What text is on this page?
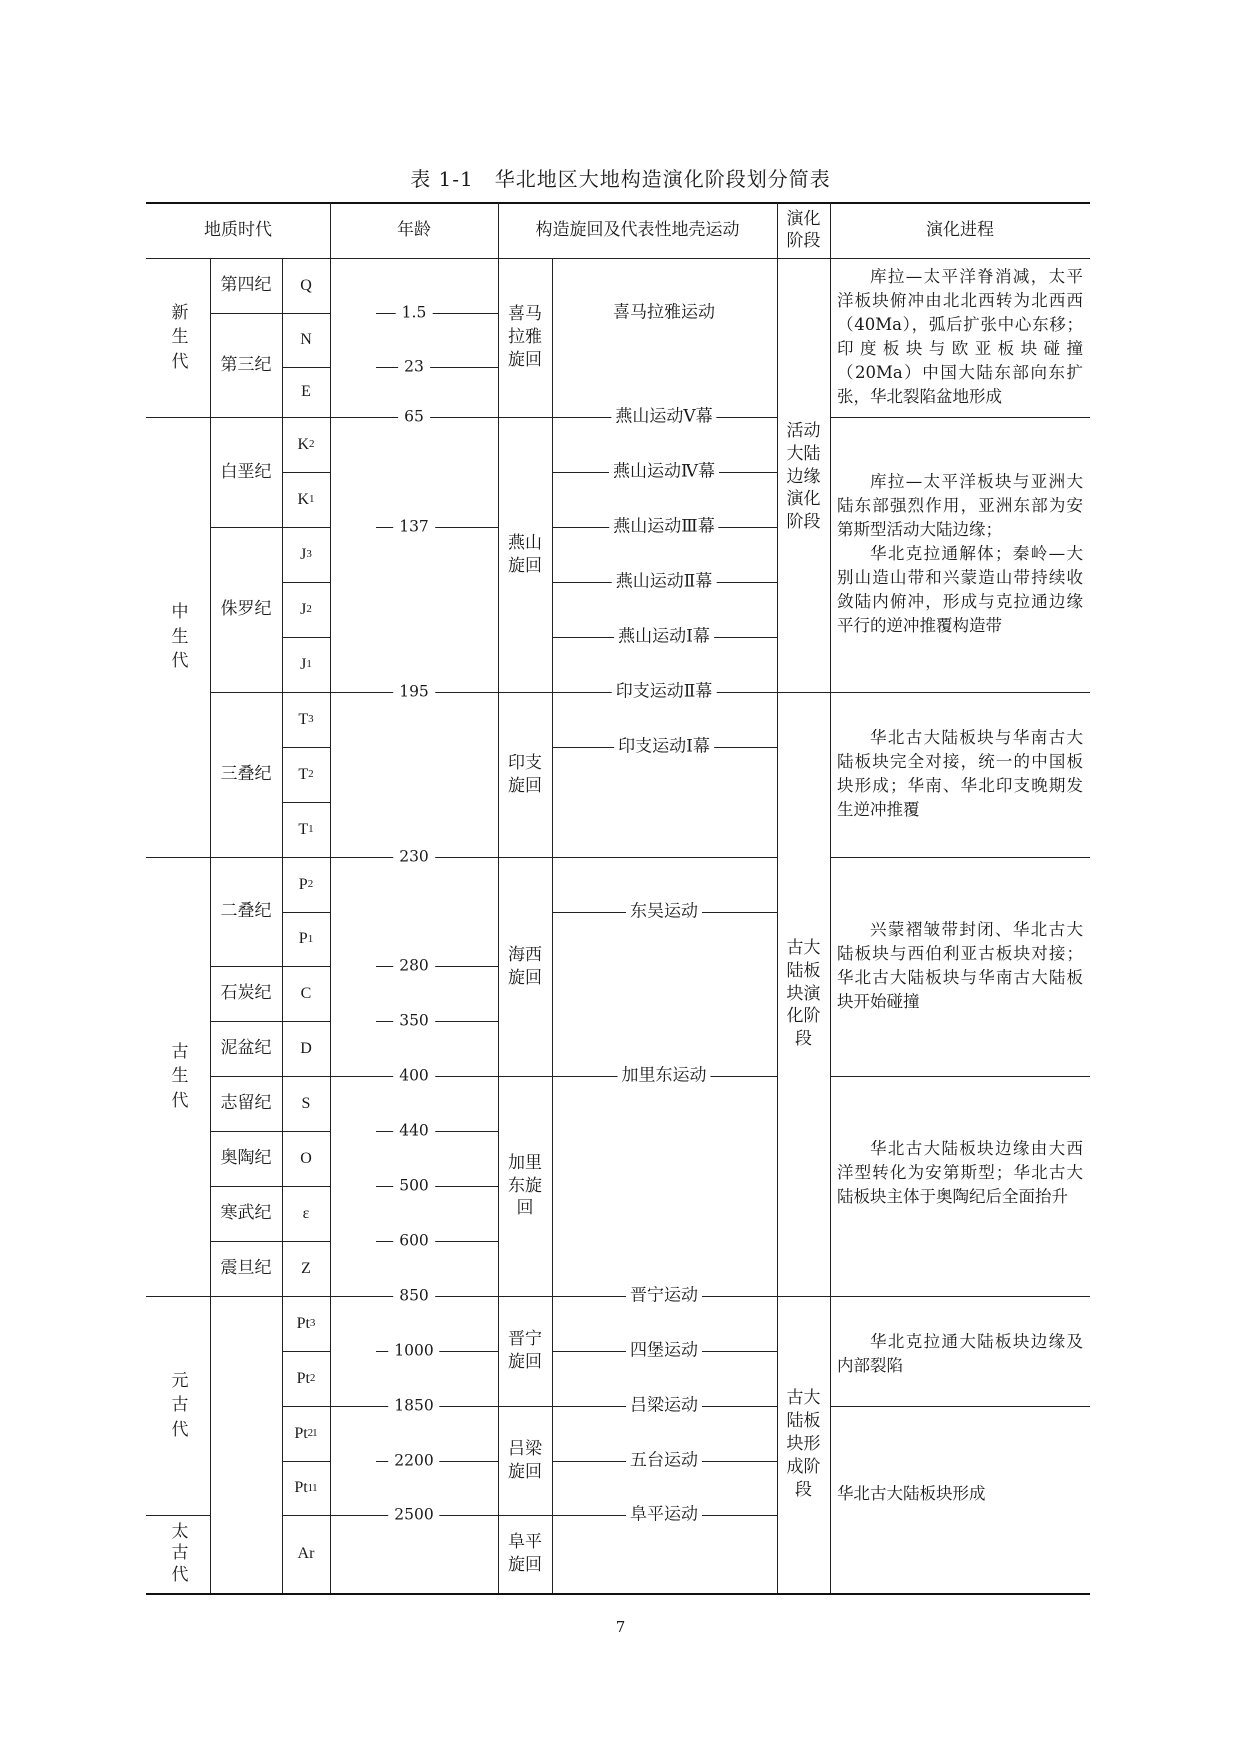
表 1-1　华北地区大地构造演化阶段划分简表
地质时代	年龄	构造旋回及代表性地壳运动
演化阶段
演化进程
新生代
中生代
古生代
元古代
太古代
第四纪
第三纪
白垩纪
侏罗纪
三叠纪
二叠纪
石炭纪
泥盆纪
志留纪
奥陶纪
寒武纪
震旦纪
Q
N
E
K 2
K 1
J 3
J 2
J 1
T 3
T 2
T 1
P 2
P 1
C
D
S
O
ε
Z
Pt 3
Pt 2
Pt 2 1
Pt 1 1
Ar
1.5
23
65
137
195
230
280
350
400
440
500
600
850
1000
1850
2200
2500
喜马拉雅旋回
燕山旋回
印支旋回
海西旋回
加里东旋回
晋宁旋回
吕梁旋回
阜平旋回
喜马拉雅运动
燕山运动Ⅴ幕
燕山运动Ⅳ幕
燕山运动Ⅲ幕
燕山运动Ⅱ幕
燕山运动Ⅰ幕
印支运动Ⅱ幕
印支运动Ⅰ幕
东吴运动
加里东运动
晋宁运动
四堡运动
吕梁运动
五台运动
阜平运动
活动大陆边缘演化阶段
古大陆板块演化阶段
古大陆板块形成阶段

库拉—太平洋脊消减，太平洋板块俯冲由北北西转为北西西（40Ma），弧后扩张中心东移；印度板块与欧亚板块碰撞（20Ma）中国大陆东部向东扩张，华北裂陷盆地形成

库拉—太平洋板块与亚洲大陆东部强烈作用，亚洲东部为安第斯型活动大陆边缘；

华北克拉通解体；秦岭—大别山造山带和兴蒙造山带持续收敛陆内俯冲，形成与克拉通边缘平行的逆冲推覆构造带

华北古大陆板块与华南古大陆板块完全对接，统一的中国板块形成；华南、华北印支晚期发生逆冲推覆

兴蒙褶皱带封闭、华北古大陆板块与西伯利亚古板块对接；华北古大陆板块与华南古大陆板块开始碰撞

华北古大陆板块边缘由大西洋型转化为安第斯型；华北古大陆板块主体于奥陶纪后全面抬升

华北克拉通大陆板块边缘及内部裂陷

华北古大陆板块形成

7
